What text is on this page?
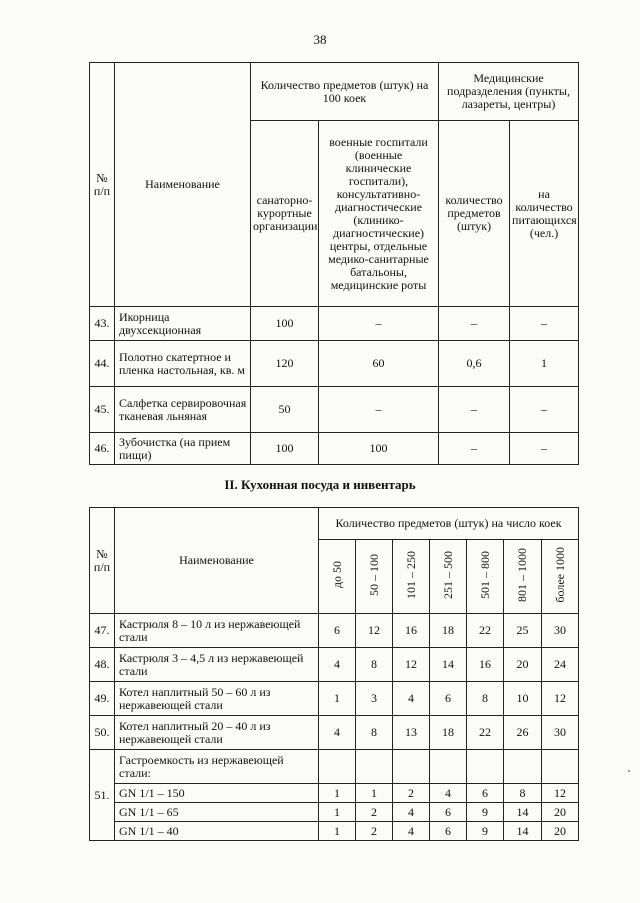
38
№ п/п	Наименование	Количество предметов (штук) на 100 коек		Медицинские подразделения (пункты, лазареты, центры)	
		санаторно-курортные организации	военные госпитали (военные клинические госпитали), консультативно-диагностические (клинико-диагностические) центры, отдельные медико-санитарные батальоны, медицинские роты	количество предметов (штук)	на количество питающихся (чел.)
43.	Икорница двухсекционная	100	–	–	–
44.	Полотно скатертное и пленка настольная, кв. м	120	60	0,6	1
45.	Салфетка сервировочная тканевая льняная	50	–	–	–
46.	Зубочистка (на прием пищи)	100	100	–	–
II. Кухонная посуда и инвентарь
№ п/п	Наименование	Количество предметов (штук) на число коек						
		до 50	50 – 100	101 – 250	251 – 500	501 – 800	801 – 1000	более 1000
47.	Кастрюля 8 – 10 л из нержавеющей стали	6	12	16	18	22	25	30
48.	Кастрюля 3 – 4,5 л из нержавеющей стали	4	8	12	14	16	20	24
49.	Котел наплитный 50 – 60 л из нержавеющей стали	1	3	4	6	8	10	12
50.	Котел наплитный 20 – 40 л из нержавеющей стали	4	8	13	18	22	26	30
51.	Гастроемкость из нержавеющей стали:							
	GN 1/1 – 150	1	1	2	4	6	8	12
	GN 1/1 – 65	1	2	4	6	9	14	20
	GN 1/1 – 40	1	2	4	6	9	14	20
